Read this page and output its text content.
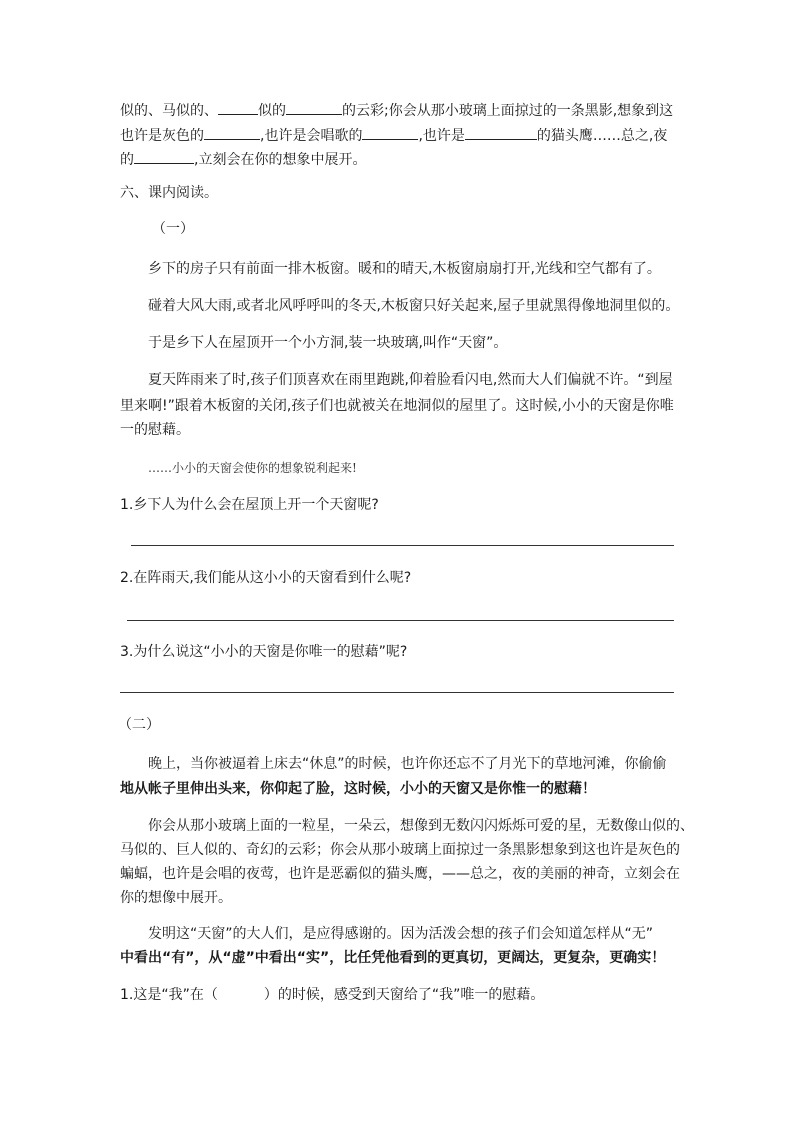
似的、马似的、	似的	的云彩;你会从那小玻璃上面掠过的一条黑影,想象到这
也许是灰色的	,也许是会唱歌的	,也许是	的猫头鹰……总之,夜
的	,立刻会在你的想象中展开。
六、课内阅读。
（一）
乡下的房子只有前面一排木板窗。暖和的晴天,木板窗扇扇打开,光线和空气都有了。
碰着大风大雨,或者北风呼呼叫的冬天,木板窗只好关起来,屋子里就黑得像地洞里似的。
于是乡下人在屋顶开一个小方洞,装一块玻璃,叫作“天窗”。
夏天阵雨来了时,孩子们顶喜欢在雨里跑跳,仰着脸看闪电,然而大人们偏就不许。“到屋
里来啊!”跟着木板窗的关闭,孩子们也就被关在地洞似的屋里了。这时候,小小的天窗是你唯
一的慰藉。
……小小的天窗会使你的想象锐利起来!
1.乡下人为什么会在屋顶上开一个天窗呢?
2.在阵雨天,我们能从这小小的天窗看到什么呢?
3.为什么说这“小小的天窗是你唯一的慰藉”呢?
（二）
晚上，当你被逼着上床去“休息”的时候，也许你还忘不了月光下的草地河滩，你偷偷
地从帐子里伸出头来，你仰起了脸，这时候，小小的天窗又是你惟一的慰藉！
你会从那小玻璃上面的一粒星，一朵云，想像到无数闪闪烁烁可爱的星，无数像山似的、
马似的、巨人似的、奇幻的云彩；你会从那小玻璃上面掠过一条黑影想象到这也许是灰色的
蝙蝠，也许是会唱的夜莺，也许是恶霸似的猫头鹰，——总之，夜的美丽的神奇，立刻会在
你的想像中展开。
发明这“天窗”的大人们，是应得感谢的。因为活泼会想的孩子们会知道怎样从“无”
中看出“有”，从“虚”中看出“实”，比任凭他看到的更真切，更阔达，更复杂，更确实！
1.这是“我”在（	）的时候，感受到天窗给了“我”唯一的慰藉。
